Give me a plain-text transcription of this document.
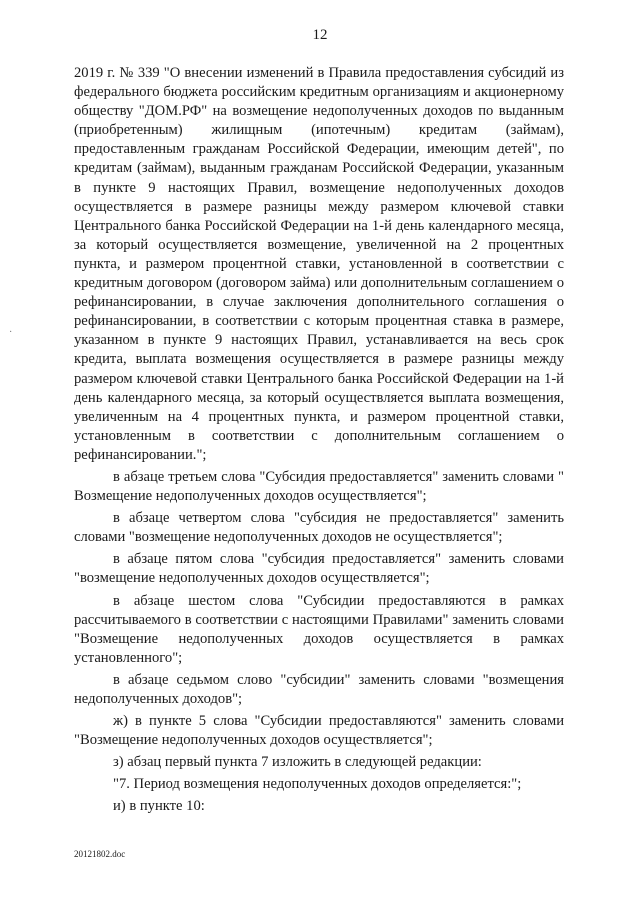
12
·

2019 г. № 339 "О внесении изменений в Правила предоставления субсидий из федерального бюджета российским кредитным организациям и акционерному обществу "ДОМ.РФ" на возмещение недополученных доходов по выданным (приобретенным) жилищным (ипотечным) кредитам (займам), предоставленным гражданам Российской Федерации, имеющим детей", по кредитам (займам), выданным гражданам Российской Федерации, указанным в пункте 9 настоящих Правил, возмещение недополученных доходов осуществляется в размере разницы между размером ключевой ставки Центрального банка Российской Федерации на 1-й день календарного месяца, за который осуществляется возмещение, увеличенной на 2 процентных пункта, и размером процентной ставки, установленной в соответствии с кредитным договором (договором займа) или дополнительным соглашением о рефинансировании, в случае заключения дополнительного соглашения о рефинансировании, в соответствии с которым процентная ставка в размере, указанном в пункте 9 настоящих Правил, устанавливается на весь срок кредита, выплата возмещения осуществляется в размере разницы между размером ключевой ставки Центрального банка Российской Федерации на 1-й день календарного месяца, за который осуществляется выплата возмещения, увеличенным на 4 процентных пункта, и размером процентной ставки, установленным в соответствии с дополнительным соглашением о рефинансировании.";

в абзаце третьем слова "Субсидия предоставляется" заменить словами " Возмещение недополученных доходов осуществляется";

в абзаце четвертом слова "субсидия не предоставляется" заменить словами "возмещение недополученных доходов не осуществляется";

в абзаце пятом слова "субсидия предоставляется" заменить словами "возмещение недополученных доходов осуществляется";

в абзаце шестом слова "Субсидии предоставляются в рамках рассчитываемого в соответствии с настоящими Правилами" заменить словами "Возмещение недополученных доходов осуществляется в рамках установленного";

в абзаце седьмом слово "субсидии" заменить словами "возмещения недополученных доходов";

ж) в пункте 5 слова "Субсидии предоставляются" заменить словами "Возмещение недополученных доходов осуществляется";

з) абзац первый пункта 7 изложить в следующей редакции:

"7. Период возмещения недополученных доходов определяется:";

и) в пункте 10:

20121802.doc
